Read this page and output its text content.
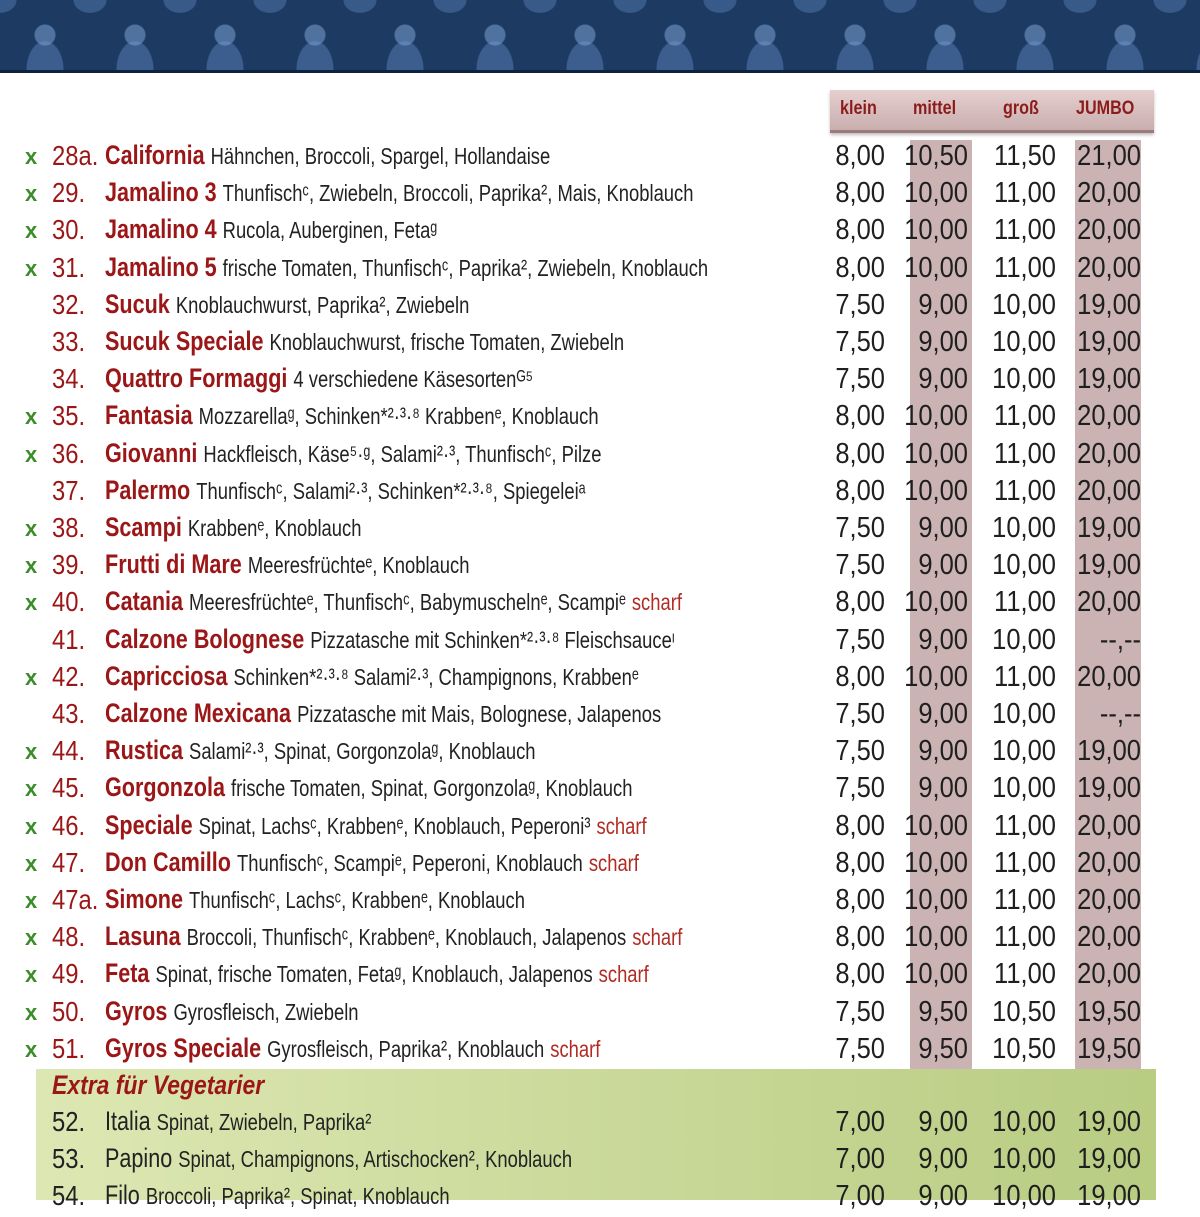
klein mittel groß JUMBO
Extra für Vegetarier
x 28a. California Hähnchen, Broccoli, Spargel, Hollandaise	8,00 10,50 11,50 21,00
x 29. Jamalino 3 Thunfischᶜ, Zwiebeln, Broccoli, Paprika², Mais, Knoblauch	8,00 10,00 11,00 20,00
x 30. Jamalino 4 Rucola, Auberginen, Fetaᵍ	8,00 10,00 11,00 20,00
x 31. Jamalino 5 frische Tomaten, Thunfischᶜ, Paprika², Zwiebeln, Knoblauch	8,00 10,00 11,00 20,00
32. Sucuk Knoblauchwurst, Paprika², Zwiebeln	7,50	9,00 10,00 19,00
33. Sucuk Speciale Knoblauchwurst, frische Tomaten, Zwiebeln	7,50	9,00 10,00 19,00
34. Quattro Formaggi 4 verschiedene Käsesortenᴳ⁵	7,50	9,00 10,00 19,00
x 35. Fantasia Mozzarellaᵍ, Schinken*²·³·⁸ Krabbenᵉ, Knoblauch	8,00 10,00 11,00 20,00
x 36. Giovanni Hackfleisch, Käse⁵·ᵍ, Salami²·³, Thunfischᶜ, Pilze	8,00 10,00 11,00 20,00
37. Palermo Thunfischᶜ, Salami²·³, Schinken*²·³·⁸, Spiegeleiᵃ	8,00 10,00 11,00 20,00
x 38. Scampi Krabbenᵉ, Knoblauch	7,50	9,00 10,00 19,00
x 39. Frutti di Mare Meeresfrüchteᵉ, Knoblauch	7,50	9,00 10,00 19,00
x 40. Catania Meeresfrüchteᵉ, Thunfischᶜ, Babymuschelnᵉ, Scampiᵉ scharf	8,00 10,00 11,00 20,00
41. Calzone Bolognese Pizzatasche mit Schinken*²·³·⁸ Fleischsauceᶦ	7,50	9,00 10,00	--,--
x 42. Capricciosa Schinken*²·³·⁸ Salami²·³, Champignons, Krabbenᵉ	8,00 10,00 11,00 20,00
43. Calzone Mexicana Pizzatasche mit Mais, Bolognese, Jalapenos	7,50	9,00 10,00	--,--
x 44. Rustica Salami²·³, Spinat, Gorgonzolaᵍ, Knoblauch	7,50	9,00 10,00 19,00
x 45. Gorgonzola frische Tomaten, Spinat, Gorgonzolaᵍ, Knoblauch	7,50	9,00 10,00 19,00
x 46. Speciale Spinat, Lachsᶜ, Krabbenᵉ, Knoblauch, Peperoni³ scharf	8,00 10,00 11,00 20,00
x 47. Don Camillo Thunfischᶜ, Scampiᵉ, Peperoni, Knoblauch scharf	8,00 10,00 11,00 20,00
x 47a. Simone Thunfischᶜ, Lachsᶜ, Krabbenᵉ, Knoblauch	8,00 10,00 11,00 20,00
x 48. Lasuna Broccoli, Thunfischᶜ, Krabbenᵉ, Knoblauch, Jalapenos scharf	8,00 10,00 11,00 20,00
x 49. Feta Spinat, frische Tomaten, Fetaᵍ, Knoblauch, Jalapenos scharf	8,00 10,00 11,00 20,00
x 50. Gyros Gyrosfleisch, Zwiebeln	7,50	9,50 10,50 19,50
x 51. Gyros Speciale Gyrosfleisch, Paprika², Knoblauch scharf	7,50	9,50 10,50 19,50
52. Italia Spinat, Zwiebeln, Paprika²	7,00	9,00 10,00 19,00
53. Papino Spinat, Champignons, Artischocken², Knoblauch	7,00	9,00 10,00 19,00
54. Filo Broccoli, Paprika², Spinat, Knoblauch	7,00	9,00 10,00 19,00
